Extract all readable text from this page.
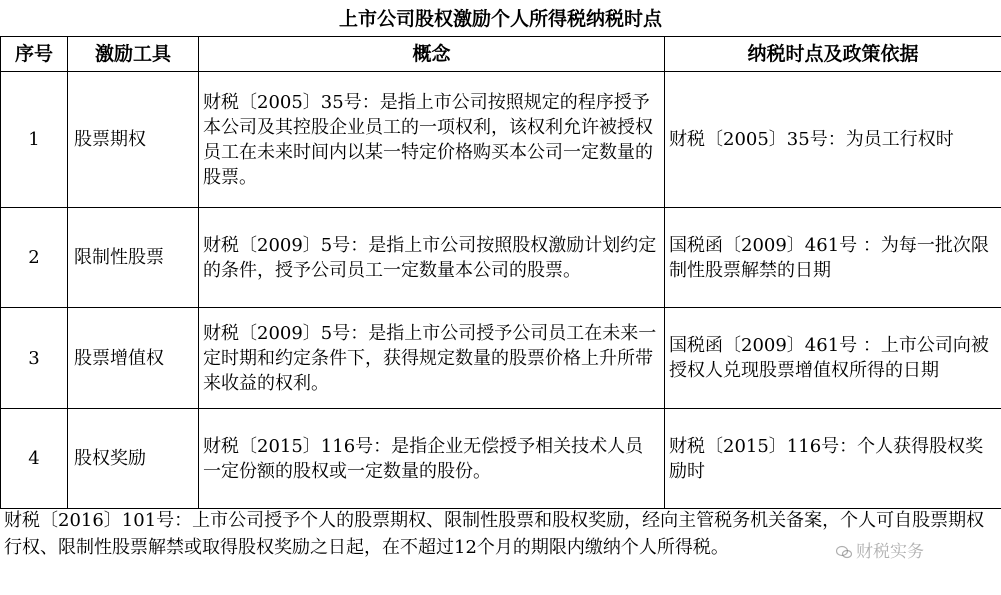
上市公司股权激励个人所得税纳税时点
序号	激励工具	概念	纳税时点及政策依据
1	股票期权	财税〔2005〕35号：是指上市公司按照规定的程序授予本公司及其控股企业员工的一项权利，该权利允许被授权员工在未来时间内以某一特定价格购买本公司一定数量的股票。	财税〔2005〕35号：为员工行权时
2	限制性股票	财税〔2009〕5号：是指上市公司按照股权激励计划约定的条件，授予公司员工一定数量本公司的股票。	国税函〔2009〕461号 ：为每一批次限制性股票解禁的日期
3	股票增值权	财税〔2009〕5号：是指上市公司授予公司员工在未来一定时期和约定条件下，获得规定数量的股票价格上升所带来收益的权利。	国税函〔2009〕461号 ：上市公司向被授权人兑现股票增值权所得的日期
4	股权奖励	财税〔2015〕116号：是指企业无偿授予相关技术人员一定份额的股权或一定数量的股份。	财税〔2015〕116号：个人获得股权奖励时
财税〔2016〕101号：上市公司授予个人的股票期权、限制性股票和股权奖励，经向主管税务机关备案，个人可自股票期权行权、限制性股票解禁或取得股权奖励之日起，在不超过12个月的期限内缴纳个人所得税。	财税实务
